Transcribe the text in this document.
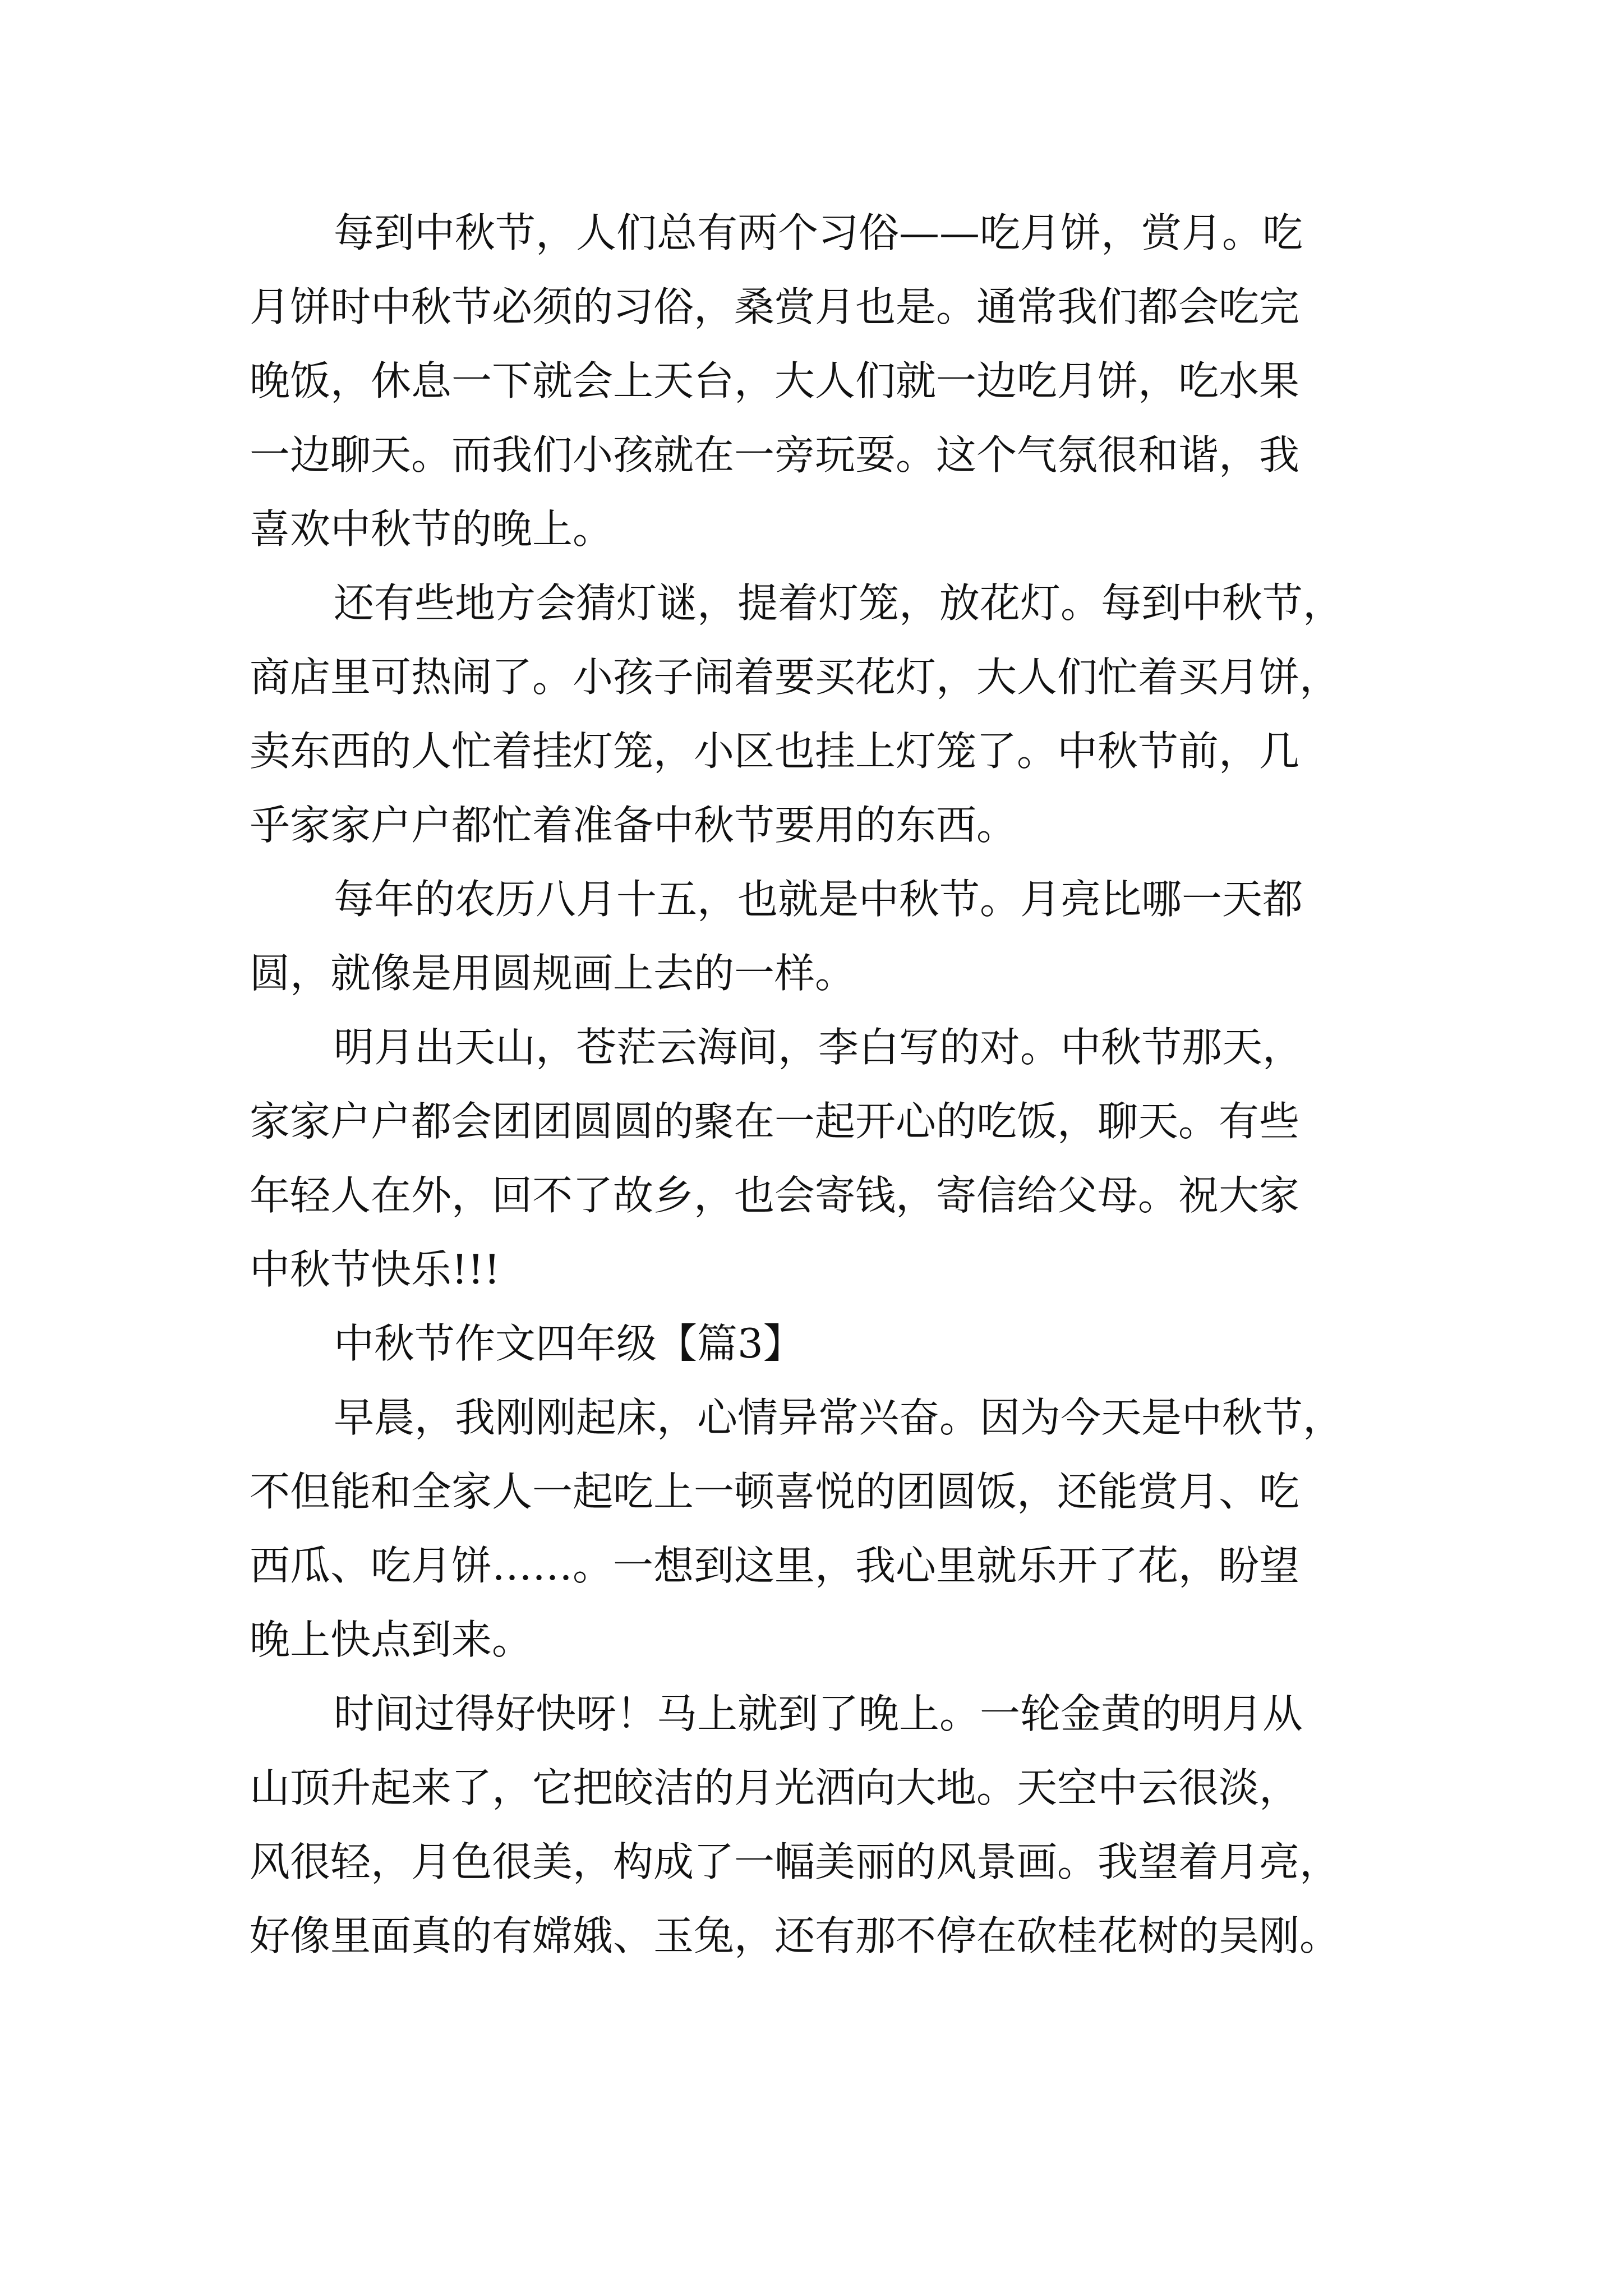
每到中秋节，人们总有两个习俗——吃月饼，赏月。吃
月饼时中秋节必须的习俗，桑赏月也是。通常我们都会吃完
晚饭，休息一下就会上天台，大人们就一边吃月饼，吃水果
一边聊天。而我们小孩就在一旁玩耍。这个气氛很和谐，我
喜欢中秋节的晚上。
还有些地方会猜灯谜，提着灯笼，放花灯。每到中秋节，
商店里可热闹了。小孩子闹着要买花灯，大人们忙着买月饼，
卖东西的人忙着挂灯笼，小区也挂上灯笼了。中秋节前，几
乎家家户户都忙着准备中秋节要用的东西。
每年的农历八月十五，也就是中秋节。月亮比哪一天都
圆，就像是用圆规画上去的一样。
明月出天山，苍茫云海间，李白写的对。中秋节那天，
家家户户都会团团圆圆的聚在一起开心的吃饭，聊天。有些
年轻人在外，回不了故乡，也会寄钱，寄信给父母。祝大家
中秋节快乐!!!
中秋节作文四年级【篇3】
早晨，我刚刚起床，心情异常兴奋。因为今天是中秋节，
不但能和全家人一起吃上一顿喜悦的团圆饭，还能赏月、吃
西瓜、吃月饼……。一想到这里，我心里就乐开了花，盼望
晚上快点到来。
时间过得好快呀！马上就到了晚上。一轮金黄的明月从
山顶升起来了，它把皎洁的月光洒向大地。天空中云很淡，
风很轻，月色很美，构成了一幅美丽的风景画。我望着月亮，
好像里面真的有嫦娥、玉兔，还有那不停在砍桂花树的吴刚。
